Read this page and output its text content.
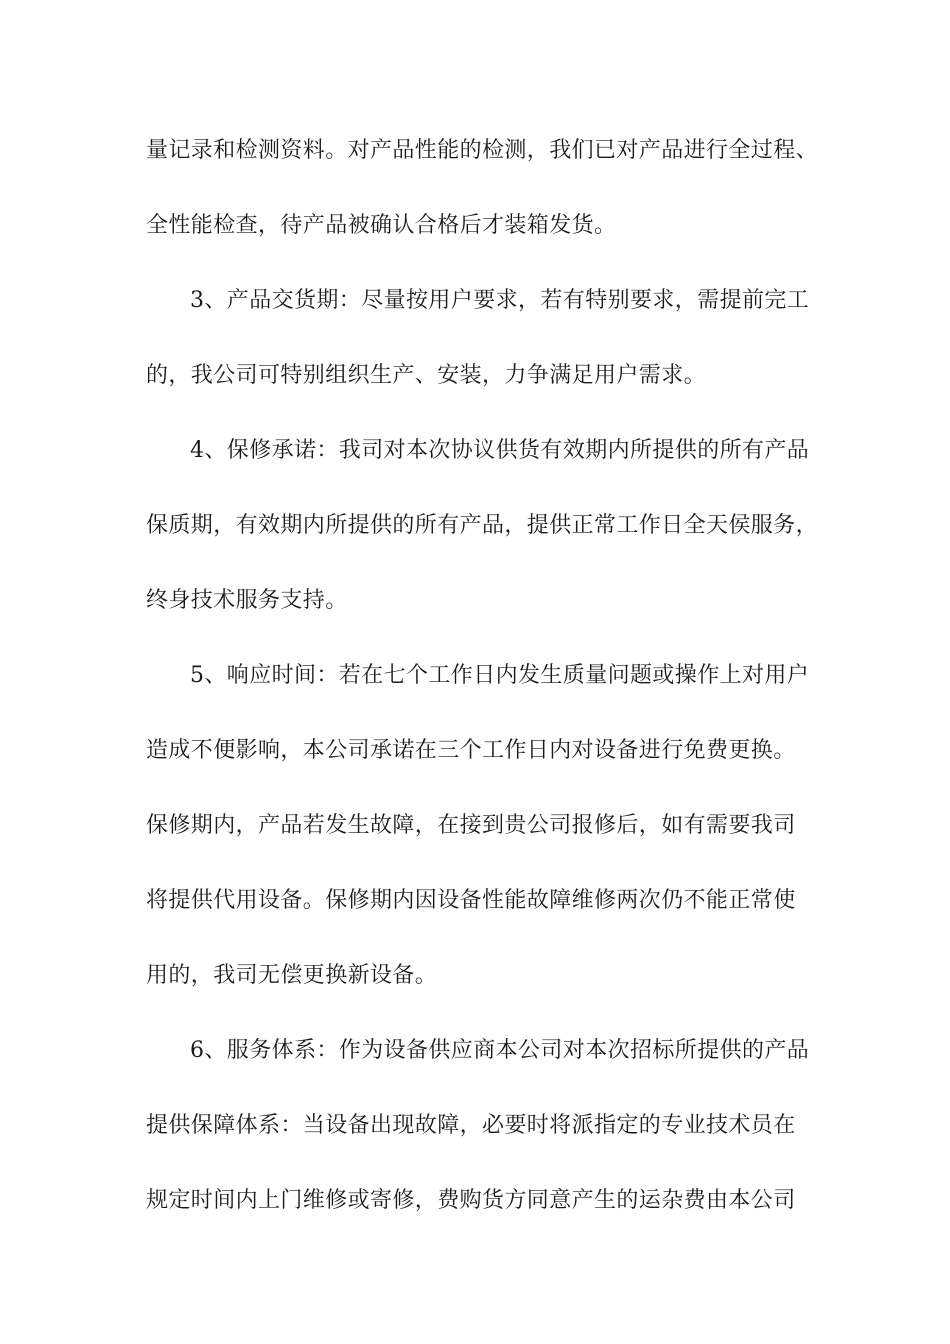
量记录和检测资料。对产品性能的检测，我们已对产品进行全过程、
全性能检查，待产品被确认合格后才装箱发货。
3、产品交货期：尽量按用户要求，若有特别要求，需提前完工
的，我公司可特别组织生产、安装，力争满足用户需求。
4、保修承诺：我司对本次协议供货有效期内所提供的所有产品
保质期，有效期内所提供的所有产品，提供正常工作日全天侯服务，
终身技术服务支持。
5、响应时间：若在七个工作日内发生质量问题或操作上对用户
造成不便影响，本公司承诺在三个工作日内对设备进行免费更换。
保修期内，产品若发生故障，在接到贵公司报修后，如有需要我司
将提供代用设备。保修期内因设备性能故障维修两次仍不能正常使
用的，我司无偿更换新设备。
6、服务体系：作为设备供应商本公司对本次招标所提供的产品
提供保障体系：当设备出现故障，必要时将派指定的专业技术员在
规定时间内上门维修或寄修，费购货方同意产生的运杂费由本公司
